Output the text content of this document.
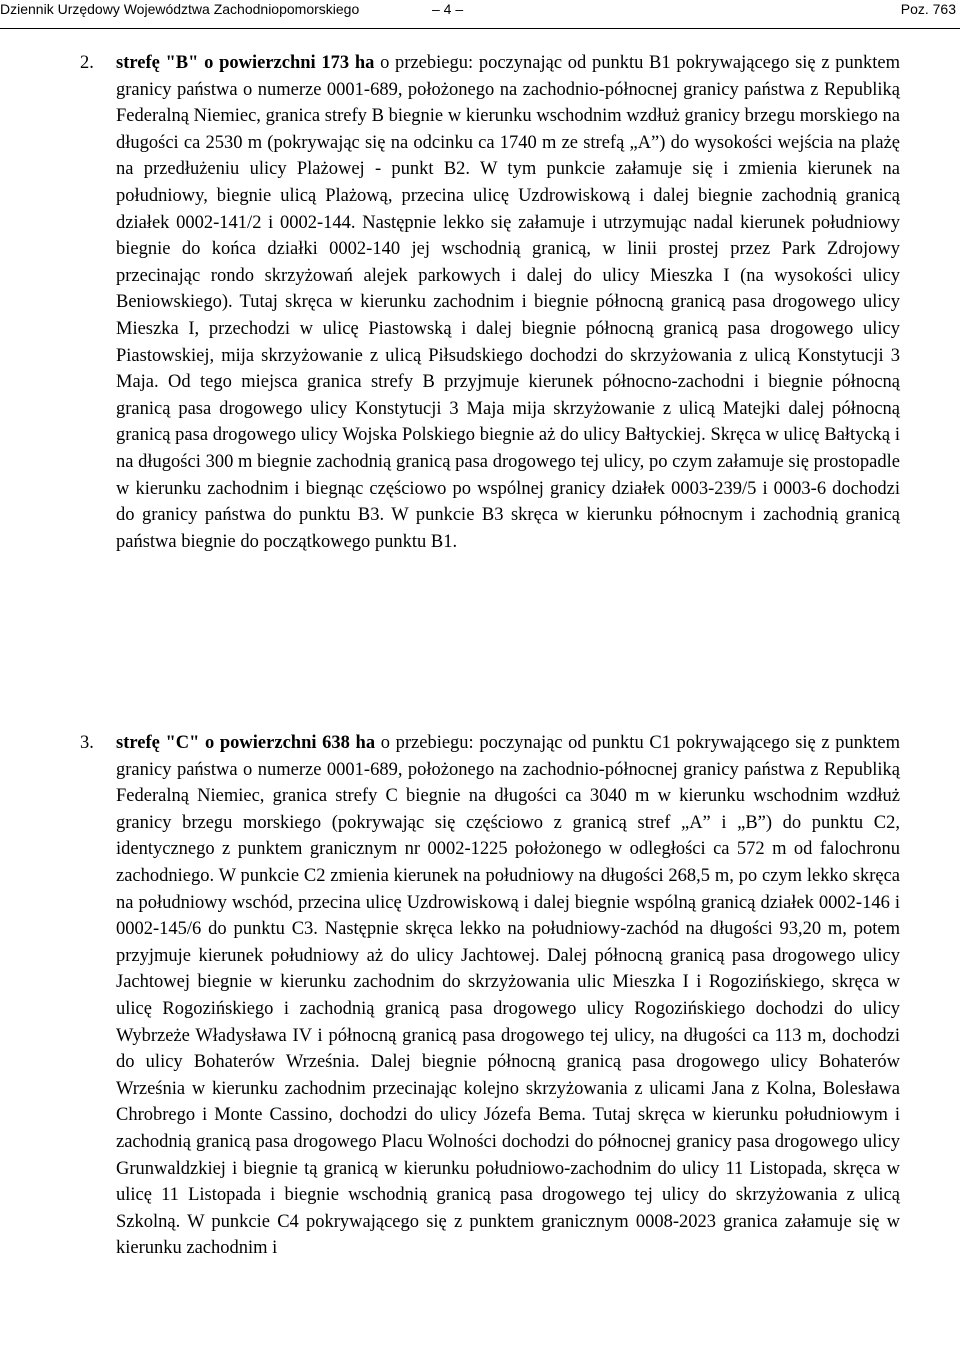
Dziennik Urzędowy Województwa Zachodniopomorskiego	– 4 –	Poz. 763
2. strefę "B" o powierzchni 173 ha o przebiegu: poczynając od punktu B1 pokrywającego się z punktem granicy państwa o numerze 0001-689, położonego na zachodnio-północnej granicy państwa z Republiką Federalną Niemiec, granica strefy B biegnie w kierunku wschodnim wzdłuż granicy brzegu morskiego na długości ca 2530 m (pokrywając się na odcinku ca 1740 m ze strefą „A”) do wysokości wejścia na plażę na przedłużeniu ulicy Plażowej - punkt B2. W tym punkcie załamuje się i zmienia kierunek na południowy, biegnie ulicą Plażową, przecina ulicę Uzdrowiskową i dalej biegnie zachodnią granicą działek 0002-141/2 i 0002-144. Następnie lekko się załamuje i utrzymując nadal kierunek południowy biegnie do końca działki 0002-140 jej wschodnią granicą, w linii prostej przez Park Zdrojowy przecinając rondo skrzyżowań alejek parkowych i dalej do ulicy Mieszka I (na wysokości ulicy Beniowskiego). Tutaj skręca w kierunku zachodnim i biegnie północną granicą pasa drogowego ulicy Mieszka I, przechodzi w ulicę Piastowską i dalej biegnie północną granicą pasa drogowego ulicy Piastowskiej, mija skrzyżowanie z ulicą Piłsudskiego dochodzi do skrzyżowania z ulicą Konstytucji 3 Maja. Od tego miejsca granica strefy B przyjmuje kierunek północno-zachodni i biegnie północną granicą pasa drogowego ulicy Konstytucji 3 Maja mija skrzyżowanie z ulicą Matejki dalej północną granicą pasa drogowego ulicy Wojska Polskiego biegnie aż do ulicy Bałtyckiej. Skręca w ulicę Bałtycką i na długości 300 m biegnie zachodnią granicą pasa drogowego tej ulicy, po czym załamuje się prostopadle w kierunku zachodnim i biegnąc częściowo po wspólnej granicy działek 0003-239/5 i 0003-6 dochodzi do granicy państwa do punktu B3. W punkcie B3 skręca w kierunku północnym i zachodnią granicą państwa biegnie do początkowego punktu B1.

3. strefę "C" o powierzchni 638 ha o przebiegu: poczynając od punktu C1 pokrywającego się z punktem granicy państwa o numerze 0001-689, położonego na zachodnio-północnej granicy państwa z Republiką Federalną Niemiec, granica strefy C biegnie na długości ca 3040 m w kierunku wschodnim wzdłuż granicy brzegu morskiego (pokrywając się częściowo z granicą stref „A” i „B”) do punktu C2, identycznego z punktem granicznym nr 0002-1225 położonego w odległości ca 572 m od falochronu zachodniego. W punkcie C2 zmienia kierunek na południowy na długości 268,5 m, po czym lekko skręca na południowy wschód, przecina ulicę Uzdrowiskową i dalej biegnie wspólną granicą działek 0002-146 i 0002-145/6 do punktu C3. Następnie skręca lekko na południowy-zachód na długości 93,20 m, potem przyjmuje kierunek południowy aż do ulicy Jachtowej. Dalej północną granicą pasa drogowego ulicy Jachtowej biegnie w kierunku zachodnim do skrzyżowania ulic Mieszka I i Rogozińskiego, skręca w ulicę Rogozińskiego i zachodnią granicą pasa drogowego ulicy Rogozińskiego dochodzi do ulicy Wybrzeże Władysława IV i północną granicą pasa drogowego tej ulicy, na długości ca 113 m, dochodzi do ulicy Bohaterów Września. Dalej biegnie północną granicą pasa drogowego ulicy Bohaterów Września w kierunku zachodnim przecinając kolejno skrzyżowania z ulicami Jana z Kolna, Bolesława Chrobrego i Monte Cassino, dochodzi do ulicy Józefa Bema. Tutaj skręca w kierunku południowym i zachodnią granicą pasa drogowego Placu Wolności dochodzi do północnej granicy pasa drogowego ulicy Grunwaldzkiej i biegnie tą granicą w kierunku południowo-zachodnim do ulicy 11 Listopada, skręca w ulicę 11 Listopada i biegnie wschodnią granicą pasa drogowego tej ulicy do skrzyżowania z ulicą Szkolną. W punkcie C4 pokrywającego się z punktem granicznym 0008-2023 granica załamuje się w kierunku zachodnim i
